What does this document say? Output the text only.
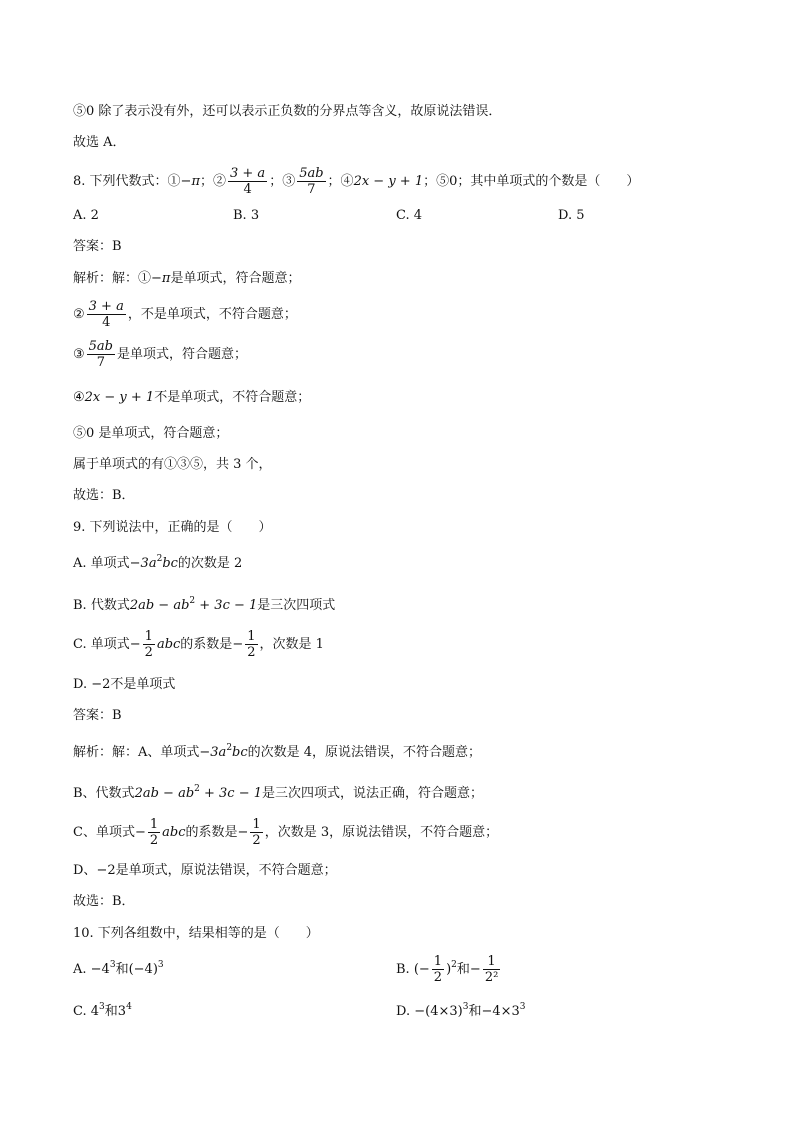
⑤0 除了表示没有外，还可以表示正负数的分界点等含义，故原说法错误．
故选 A．
8. 下列代数式：①−π；② $\frac{3 + a}{4}$ ；③ $\frac{5ab}{7}$ ；④2x − y + 1；⑤0；其中单项式的个数是（　　）
A. 2	B. 3	C. 4	D. 5
答案：B
解析：解：①−π是单项式，符合题意；
② $\frac{3 + a}{4}$ ，不是单项式，不符合题意；
③ $\frac{5ab}{7}$ 是单项式，符合题意；
④2x − y + 1不是单项式，不符合题意；
⑤0 是单项式，符合题意；
属于单项式的有①③⑤，共 3 个，
故选：B．
9. 下列说法中，正确的是（　　）
A. 单项式$-3a^2bc$的次数是 2
B. 代数式$2ab - ab^2 + 3c - 1$是三次四项式
C. 单项式− $\frac{1}{2}$ abc的系数是− $\frac{1}{2}$ ，次数是 1
D. −2不是单项式
答案：B
解析：解：A、单项式$-3a^2bc$的次数是 4，原说法错误，不符合题意；
B、代数式$2ab - ab^2 + 3c - 1$是三次四项式，说法正确，符合题意；
C、单项式− $\frac{1}{2}$ abc的系数是− $\frac{1}{2}$ ，次数是 3，原说法错误，不符合题意；
D、−2是单项式，原说法错误，不符合题意；
故选：B．
10. 下列各组数中，结果相等的是（　　）
A. $-4^3$和$(-4)^3$	B. (− $\frac{1}{2} )^2$和− $\frac{1}{\text{2²}}$
C. $4^3$和$3^4$	D. $-(4\times 3)^3$和$-4\times 3^3$
